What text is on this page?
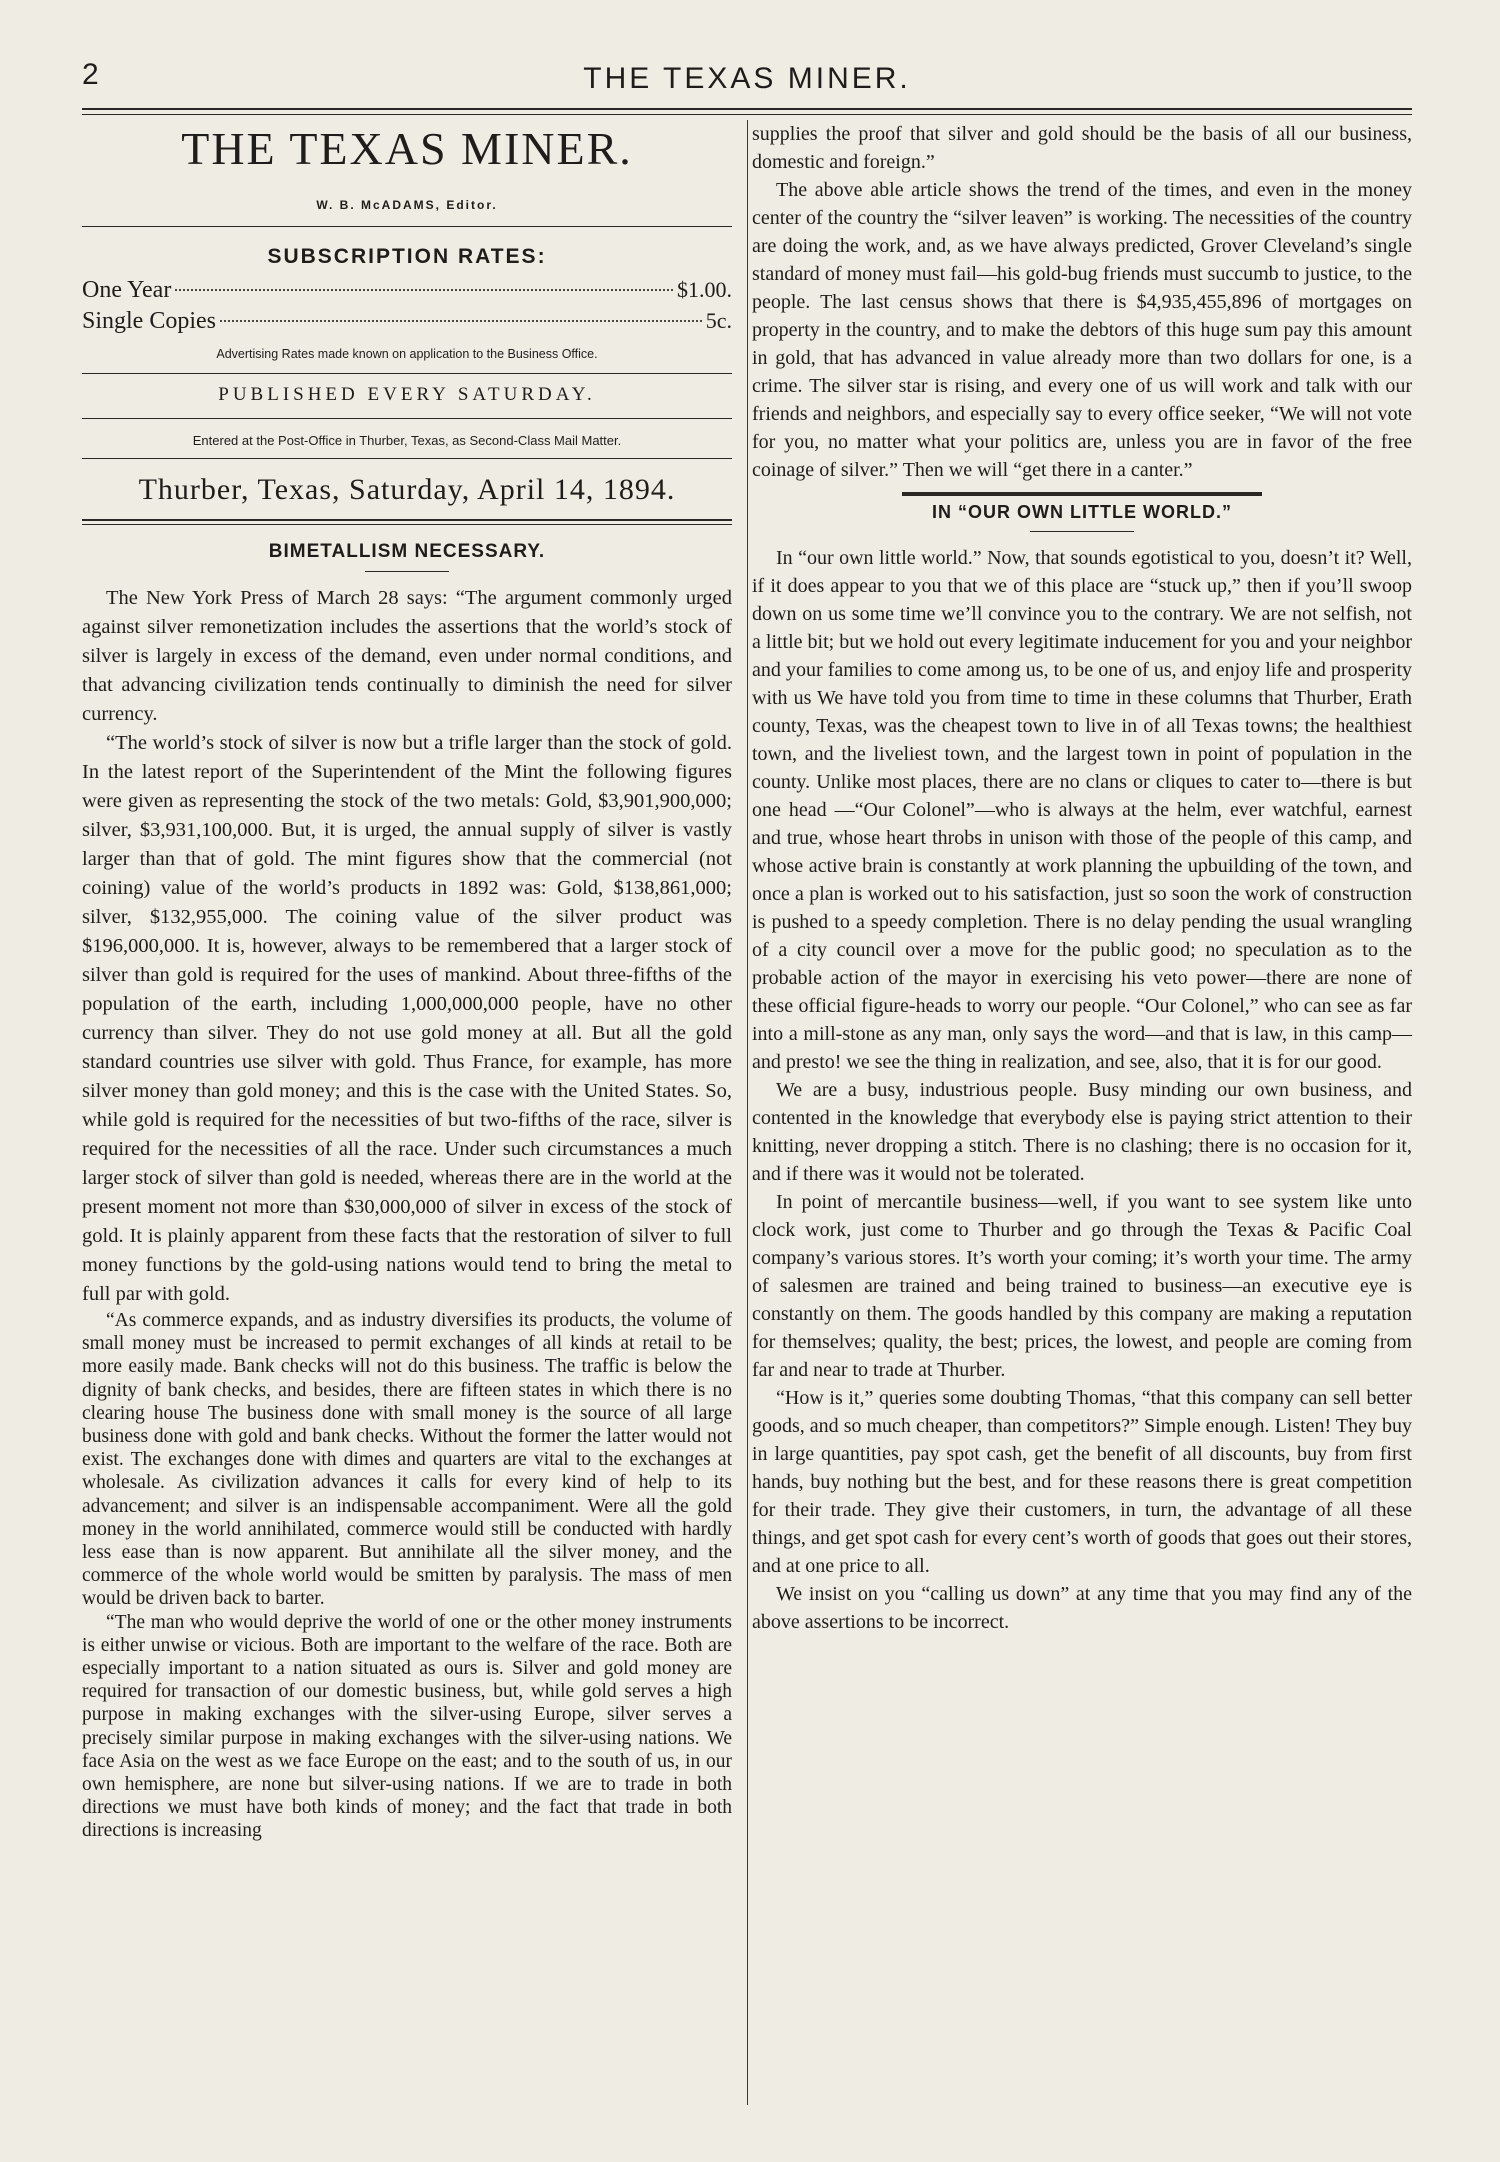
2	THE TEXAS MINER.
THE TEXAS MINER.
W. B. McADAMS, Editor.
SUBSCRIPTION RATES:
One Year	$1.00.
Single Copies	5c.
Advertising Rates made known on application to the Business Office.
PUBLISHED EVERY SATURDAY.
Entered at the Post-Office in Thurber, Texas, as Second-Class Mail Matter.
Thurber, Texas, Saturday, April 14, 1894.
BIMETALLISM NECESSARY.

The New York Press of March 28 says: “The argument commonly urged against silver remonetization includes the assertions that the world’s stock of silver is largely in excess of the demand, even under normal conditions, and that advancing civilization tends continually to diminish the need for silver currency.

“The world’s stock of silver is now but a trifle larger than the stock of gold. In the latest report of the Superintendent of the Mint the following figures were given as representing the stock of the two metals: Gold, $3,901,900,000; silver, $3,931,100,000. But, it is urged, the annual supply of silver is vastly larger than that of gold. The mint figures show that the commercial (not coining) value of the world’s products in 1892 was: Gold, $138,861,000; silver, $132,955,000. The coining value of the silver product was $196,000,000. It is, however, always to be remembered that a larger stock of silver than gold is required for the uses of mankind. About three-fifths of the population of the earth, including 1,000,000,000 people, have no other currency than silver. They do not use gold money at all. But all the gold standard countries use silver with gold. Thus France, for example, has more silver money than gold money; and this is the case with the United States. So, while gold is required for the necessities of but two-fifths of the race, silver is required for the necessities of all the race. Under such circumstances a much larger stock of silver than gold is needed, whereas there are in the world at the present moment not more than $30,000,000 of silver in excess of the stock of gold. It is plainly apparent from these facts that the restoration of silver to full money functions by the gold-using nations would tend to bring the metal to full par with gold.

“As commerce expands, and as industry diversifies its products, the volume of small money must be increased to permit exchanges of all kinds at retail to be more easily made. Bank checks will not do this business. The traffic is below the dignity of bank checks, and besides, there are fifteen states in which there is no clearing house The business done with small money is the source of all large business done with gold and bank checks. Without the former the latter would not exist. The exchanges done with dimes and quarters are vital to the exchanges at wholesale. As civilization advances it calls for every kind of help to its advancement; and silver is an indispensable accompaniment. Were all the gold money in the world annihilated, commerce would still be conducted with hardly less ease than is now apparent. But annihilate all the silver money, and the commerce of the whole world would be smitten by paralysis. The mass of men would be driven back to barter.

“The man who would deprive the world of one or the other money instruments is either unwise or vicious. Both are important to the welfare of the race. Both are especially important to a nation situated as ours is. Silver and gold money are required for transaction of our domestic business, but, while gold serves a high purpose in making exchanges with the silver-using Europe, silver serves a precisely similar purpose in making exchanges with the silver-using nations. We face Asia on the west as we face Europe on the east; and to the south of us, in our own hemisphere, are none but silver-using nations. If we are to trade in both directions we must have both kinds of money; and the fact that trade in both directions is increasing

supplies the proof that silver and gold should be the basis of all our business, domestic and foreign.”

The above able article shows the trend of the times, and even in the money center of the country the “silver leaven” is working. The necessities of the country are doing the work, and, as we have always predicted, Grover Cleveland’s single standard of money must fail—his gold-bug friends must succumb to justice, to the people. The last census shows that there is $4,935,455,896 of mortgages on property in the country, and to make the debtors of this huge sum pay this amount in gold, that has advanced in value already more than two dollars for one, is a crime. The silver star is rising, and every one of us will work and talk with our friends and neighbors, and especially say to every office seeker, “We will not vote for you, no matter what your politics are, unless you are in favor of the free coinage of silver.” Then we will “get there in a canter.”

IN “OUR OWN LITTLE WORLD.”

In “our own little world.” Now, that sounds egotistical to you, doesn’t it? Well, if it does appear to you that we of this place are “stuck up,” then if you’ll swoop down on us some time we’ll convince you to the contrary. We are not selfish, not a little bit; but we hold out every legitimate inducement for you and your neighbor and your families to come among us, to be one of us, and enjoy life and prosperity with us We have told you from time to time in these columns that Thurber, Erath county, Texas, was the cheapest town to live in of all Texas towns; the healthiest town, and the liveliest town, and the largest town in point of population in the county. Unlike most places, there are no clans or cliques to cater to—there is but one head —“Our Colonel”—who is always at the helm, ever watchful, earnest and true, whose heart throbs in unison with those of the people of this camp, and whose active brain is constantly at work planning the upbuilding of the town, and once a plan is worked out to his satisfaction, just so soon the work of construction is pushed to a speedy completion. There is no delay pending the usual wrangling of a city council over a move for the public good; no speculation as to the probable action of the mayor in exercising his veto power—there are none of these official figure-heads to worry our people. “Our Colonel,” who can see as far into a mill-stone as any man, only says the word—and that is law, in this camp—and presto! we see the thing in realization, and see, also, that it is for our good.

We are a busy, industrious people. Busy minding our own business, and contented in the knowledge that everybody else is paying strict attention to their knitting, never dropping a stitch. There is no clashing; there is no occasion for it, and if there was it would not be tolerated.

In point of mercantile business—well, if you want to see system like unto clock work, just come to Thurber and go through the Texas & Pacific Coal company’s various stores. It’s worth your coming; it’s worth your time. The army of salesmen are trained and being trained to business—an executive eye is constantly on them. The goods handled by this company are making a reputation for themselves; quality, the best; prices, the lowest, and people are coming from far and near to trade at Thurber.

“How is it,” queries some doubting Thomas, “that this company can sell better goods, and so much cheaper, than competitors?” Simple enough. Listen! They buy in large quantities, pay spot cash, get the benefit of all discounts, buy from first hands, buy nothing but the best, and for these reasons there is great competition for their trade. They give their customers, in turn, the advantage of all these things, and get spot cash for every cent’s worth of goods that goes out their stores, and at one price to all.

We insist on you “calling us down” at any time that you may find any of the above assertions to be incorrect.
